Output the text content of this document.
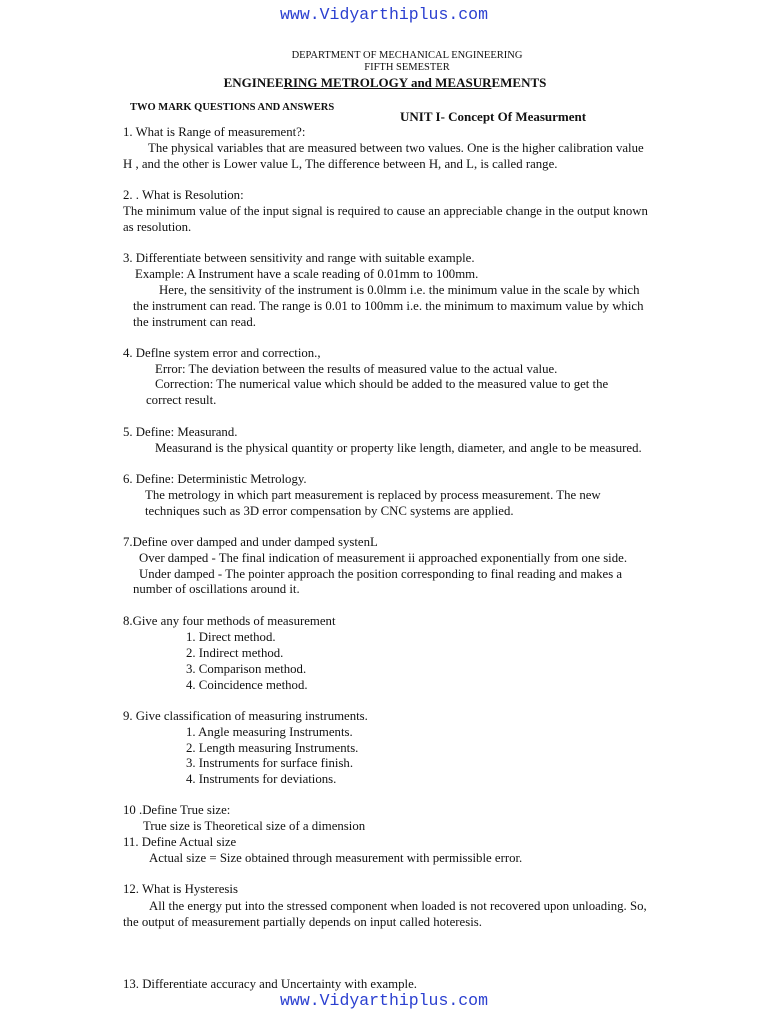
www.Vidyarthiplus.com
DEPARTMENT OF MECHANICAL ENGINEERING
FIFTH SEMESTER
ENGINEERING METROLOGY and MEASUREMENTS
TWO MARK QUESTIONS AND ANSWERS
UNIT I- Concept Of Measurment
1. What is Range of measurement?:
The physical variables that are measured between two values. One is the higher calibration value
H , and the other is Lower value L, The difference between H, and L, is called range.
2. . What is Resolution:
The minimum value of the input signal is required to cause an appreciable change in the output known
as resolution.
3. Differentiate between sensitivity and range with suitable example.
Example: A Instrument have a scale reading of 0.01mm to 100mm.
Here, the sensitivity of the instrument is 0.0lmm i.e. the minimum value in the scale by which
the instrument can read. The range is 0.01 to 100mm i.e. the minimum to maximum value by which
the instrument can read.
4. Deflne system error and correction.,
Error: The deviation between the results of measured value to the actual value.
Correction: The numerical value which should be added to the measured value to get the
correct result.
5. Define: Measurand.
Measurand is the physical quantity or property like length, diameter, and angle to be measured.
6. Define: Deterministic Metrology.
The metrology in which part measurement is replaced by process measurement. The new
techniques such as 3D error compensation by CNC systems are applied.
7.Define over damped and under damped systenL
Over damped - The final indication of measurement ii approached exponentially from one side.
Under damped - The pointer approach the position corresponding to final reading and makes a
number of oscillations around it.
8.Give any four methods of measurement
1. Direct method.
2. Indirect method.
3. Comparison method.
4. Coincidence method.
9. Give classification of measuring instruments.
1. Angle measuring Instruments.
2. Length measuring Instruments.
3. Instruments for surface finish.
4. Instruments for deviations.
10 .Define True size:
True size is Theoretical size of a dimension
11. Define Actual size
Actual size = Size obtained through measurement with permissible error.
12. What is Hysteresis
All the energy put into the stressed component when loaded is not recovered upon unloading. So,
the output of measurement partially depends on input called hoteresis.
13. Differentiate accuracy and Uncertainty with example.
www.Vidyarthiplus.com
